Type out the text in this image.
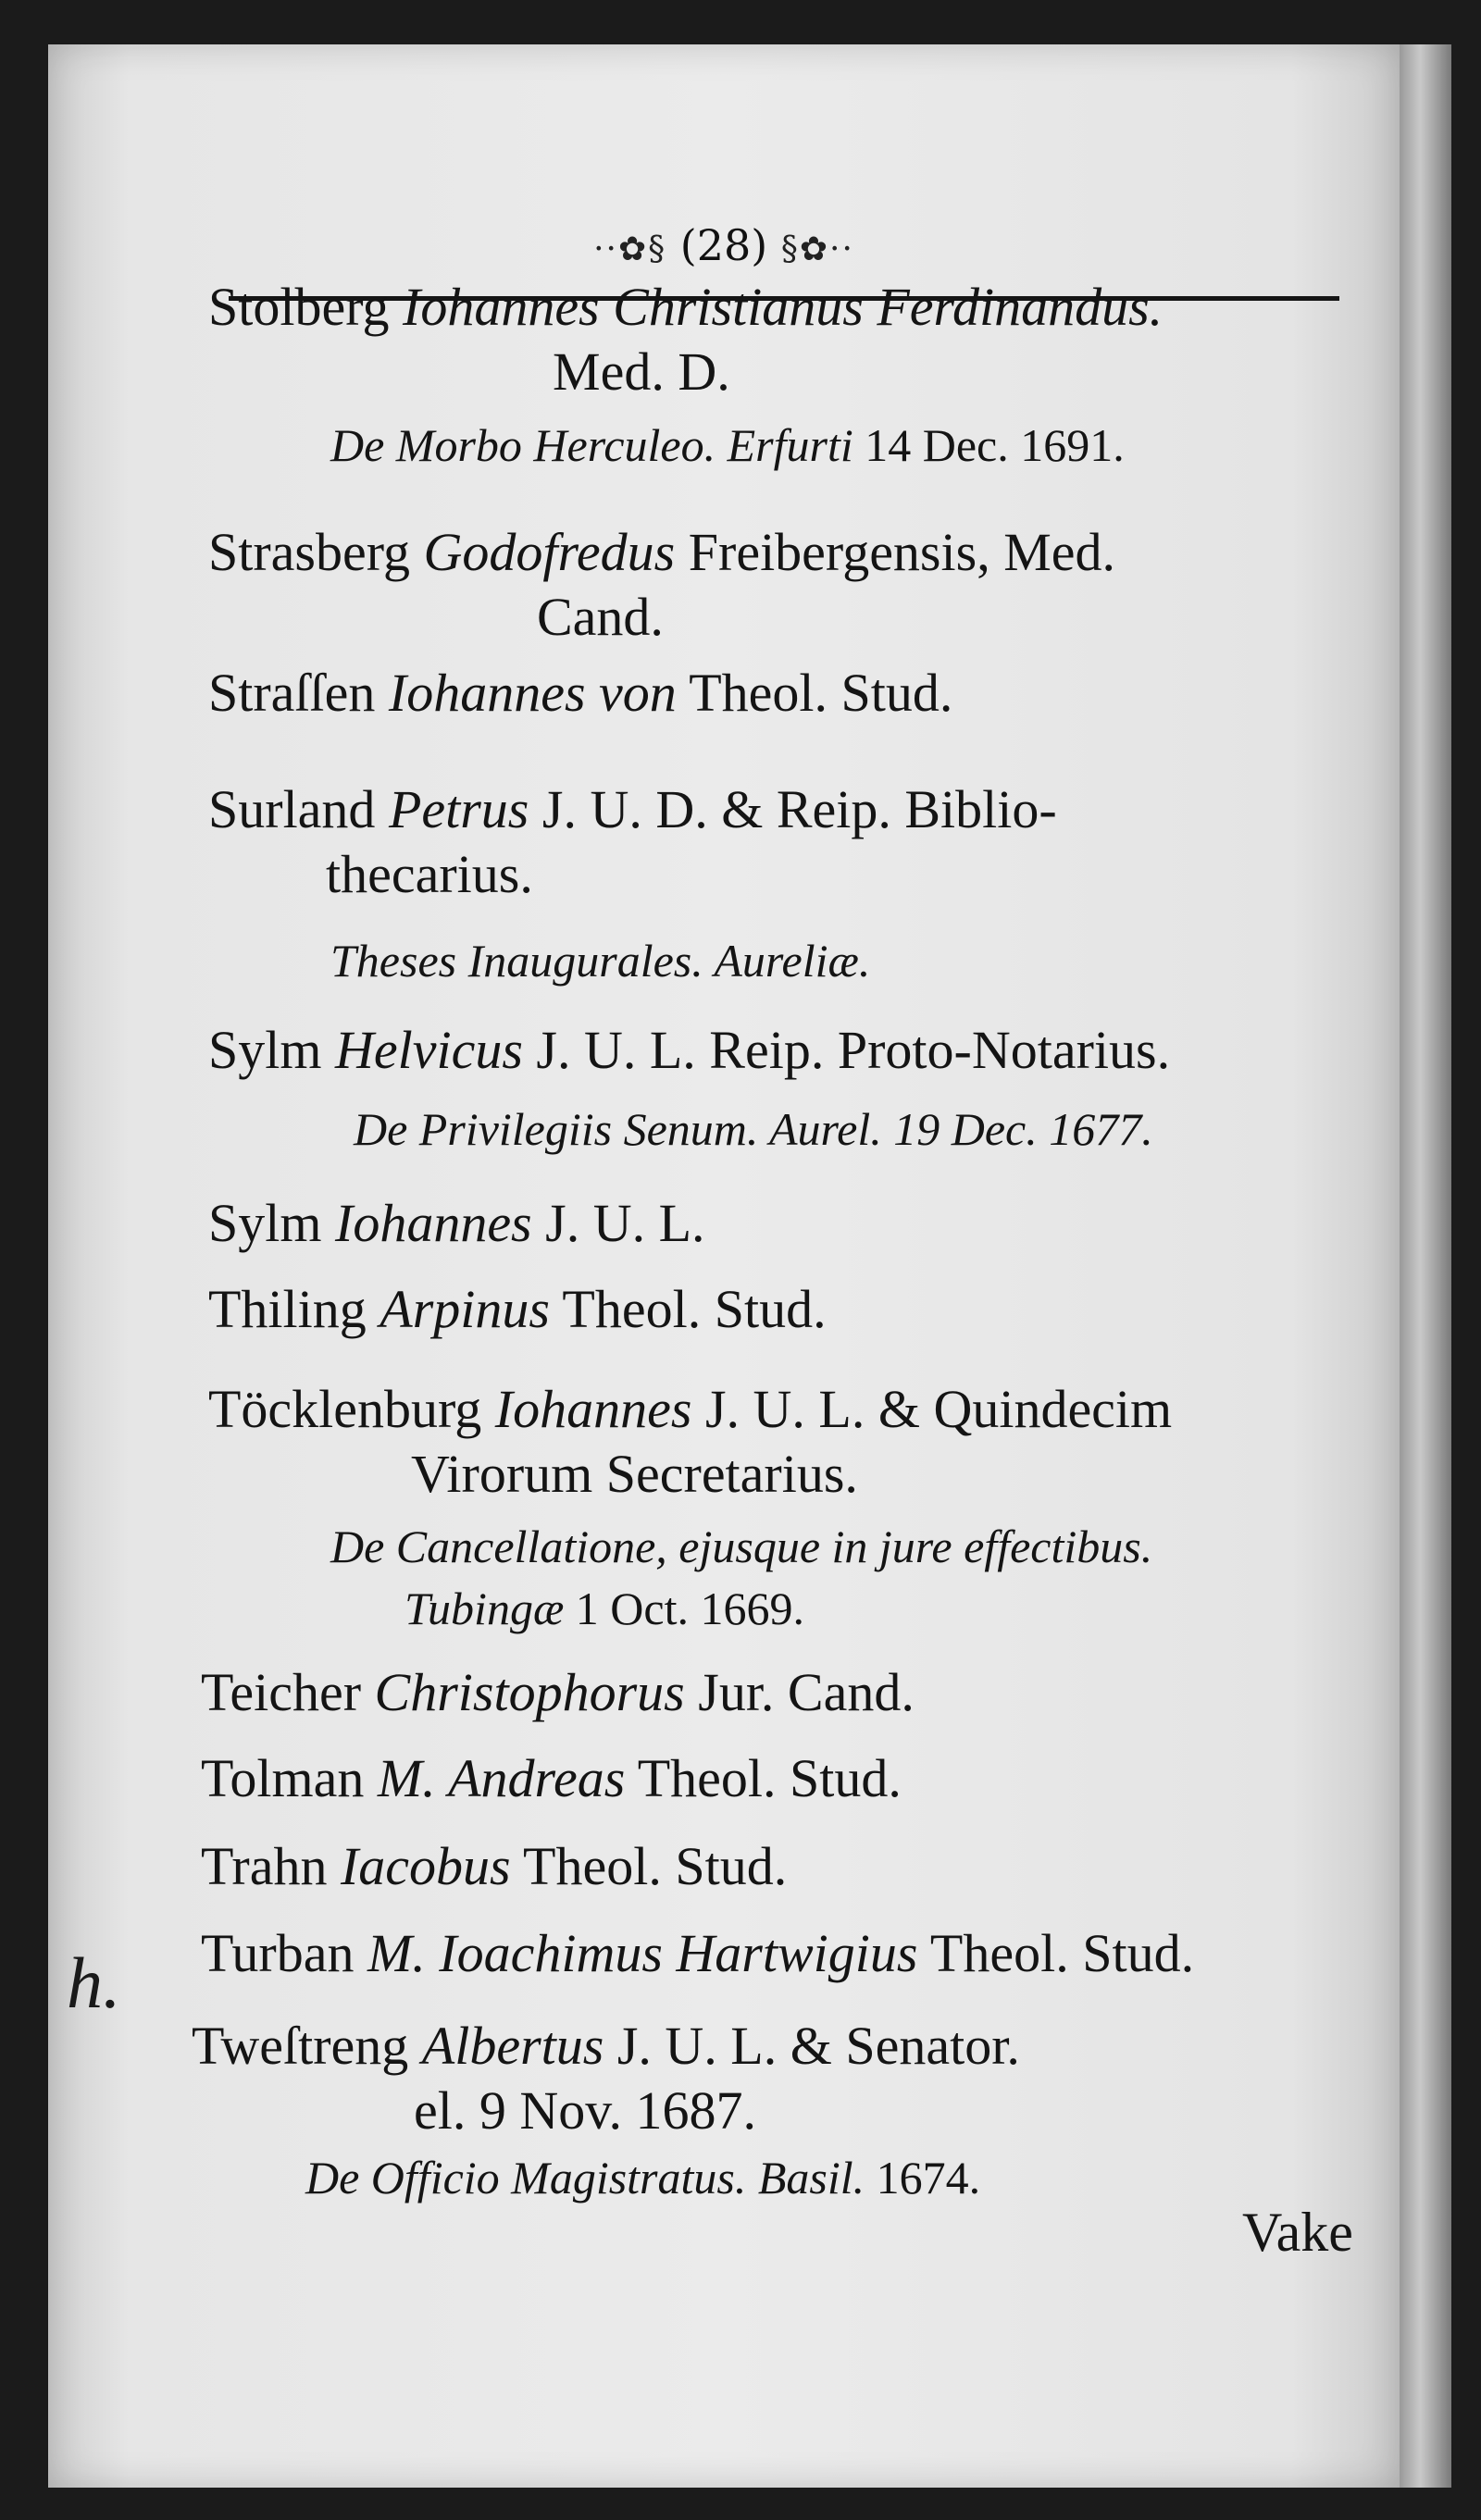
··✿§ (28) §✿··
Stolberg Iohannes Christianus Ferdinandus.
Med. D.
De Morbo Herculeo. Erfurti 14 Dec. 1691.
Strasberg Godofredus Freibergensis, Med.
Cand.
Straſſen Iohannes von Theol. Stud.
Surland Petrus J. U. D. & Reip. Biblio-
thecarius.
Theses Inaugurales. Aureliæ.
Sylm Helvicus J. U. L. Reip. Proto-Notarius.
De Privilegiis Senum. Aurel. 19 Dec. 1677.
Sylm Iohannes J. U. L.
Thiling Arpinus Theol. Stud.
Töcklenburg Iohannes J. U. L. & Quindecim
Virorum Secretarius.
De Cancellatione, ejusque in jure effectibus.
Tubingæ 1 Oct. 1669.
Teicher Christophorus Jur. Cand.
Tolman M. Andreas Theol. Stud.
Trahn Iacobus Theol. Stud.
Turban M. Ioachimus Hartwigius Theol. Stud.
Tweſtreng Albertus J. U. L. & Senator.
el. 9 Nov. 1687.
De Officio Magistratus. Basil. 1674.
Vake
h.
